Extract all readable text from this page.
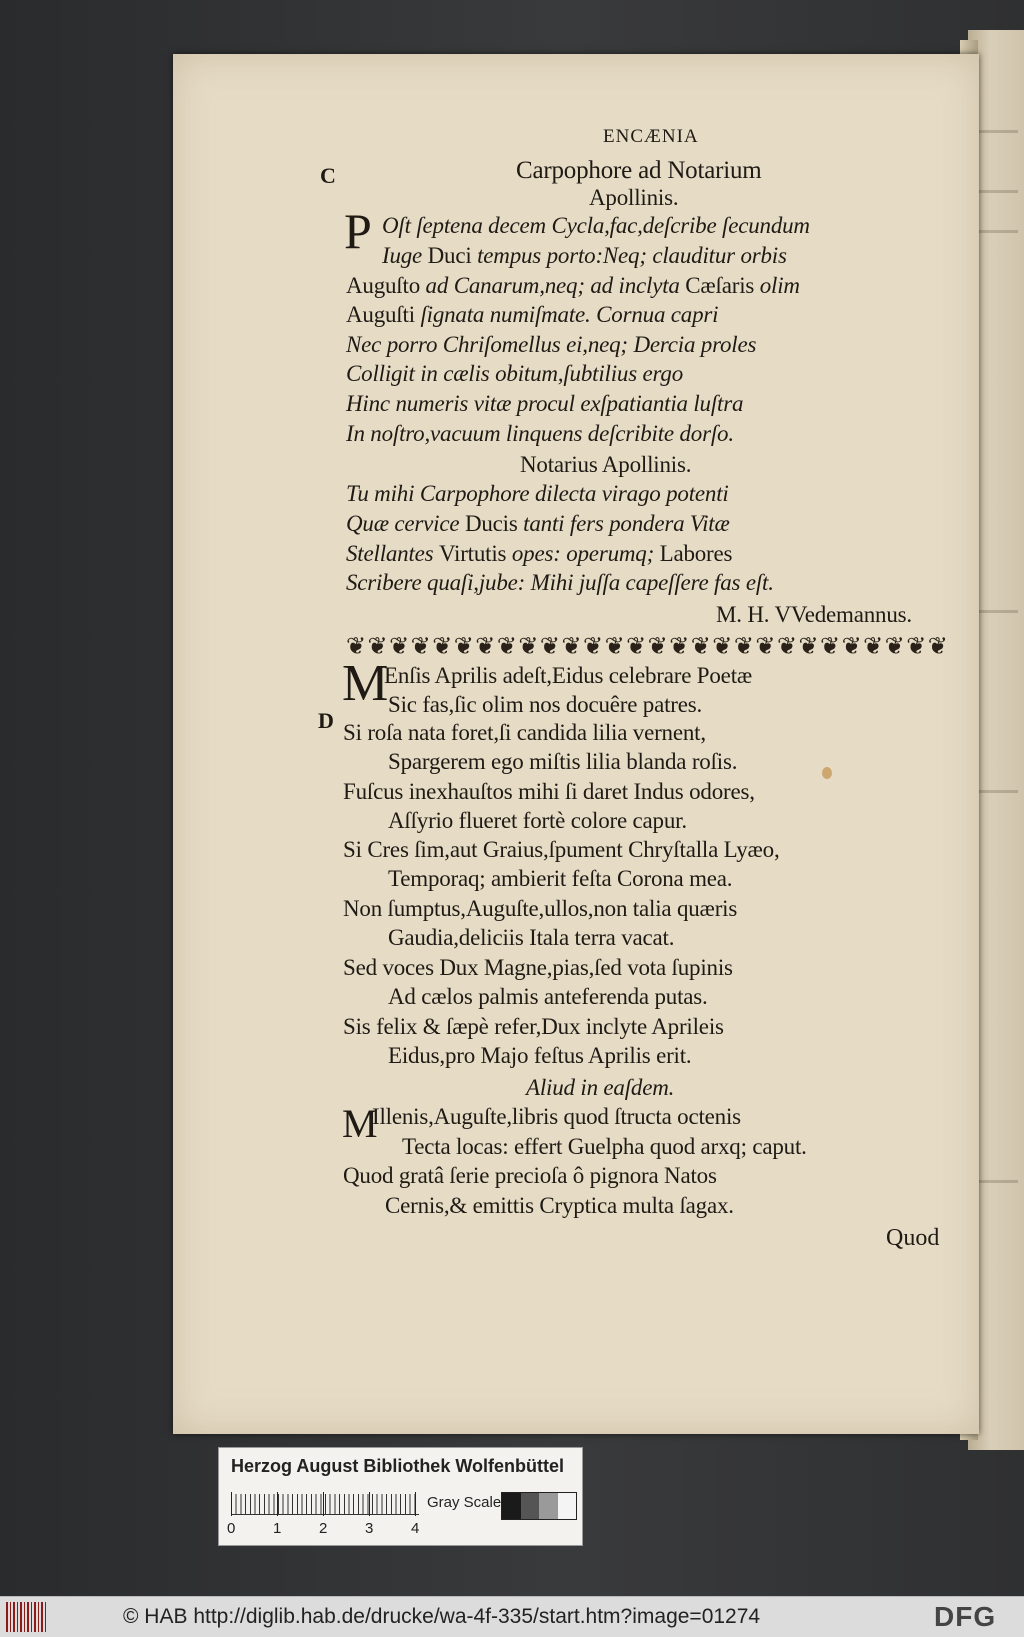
ENCÆNIA
C
D
Carpophore ad Notarium
Apollinis.
P Oſt ſeptena decem Cycla,fac,deſcribe ſecundum
Iuge Duci tempus porto:Neq; clauditur orbis
Auguſto ad Canarum,neq; ad inclyta Cæſaris olim
Auguſti ſignata numiſmate. Cornua capri
Nec porro Chriſomellus ei,neq; Dercia proles
Colligit in cælis obitum,ſubtilius ergo
Hinc numeris vitæ procul exſpatiantia luſtra
In noſtro,vacuum linquens deſcribite dorſo.
Notarius Apollinis.
Tu mihi Carpophore dilecta virago potenti
Quæ cervice Ducis tanti fers pondera Vitæ
Stellantes Virtutis opes: operumq; Labores
Scribere quaſi,jube: Mihi juſſa capeſſere fas eſt.
M. H. VVedemannus.
❦ ❦ ❦ ❦ ❦ ❦ ❦ ❦ ❦ ❦ ❦ ❦ ❦ ❦ ❦ ❦ ❦ ❦ ❦ ❦ ❦ ❦ ❦ ❦ ❦ ❦ ❦ ❦
M
Enſis Aprilis adeſt,Eidus celebrare Poetæ
Sic fas,ſic olim nos docuêre patres.
Si roſa nata foret,ſi candida lilia vernent,
Spargerem ego miſtis lilia blanda roſis.
Fuſcus inexhauſtos mihi ſi daret Indus odores,
Aſſyrio flueret fortè colore capur.
Si Cres ſim,aut Graius,ſpument Chryſtalla Lyæo,
Temporaq; ambierit feſta Corona mea.
Non ſumptus,Auguſte,ullos,non talia quæris
Gaudia,deliciis Itala terra vacat.
Sed voces Dux Magne,pias,ſed vota ſupinis
Ad cælos palmis anteferenda putas.
Sis felix & ſæpè refer,Dux inclyte Aprileis
Eidus,pro Majo feſtus Aprilis erit.
Aliud in eaſdem.
M
Illenis,Auguſte,libris quod ſtructa octenis
Tecta locas: effert Guelpha quod arxq; caput.
Quod gratâ ſerie precioſa ô pignora Natos
Cernis,& emittis Cryptica multa ſagax.
Quod
Herzog August Bibliothek Wolfenbüttel
0	1	2	3	4
Gray Scale
© HAB http://diglib.hab.de/drucke/wa-4f-335/start.htm?image=01274	DFG
